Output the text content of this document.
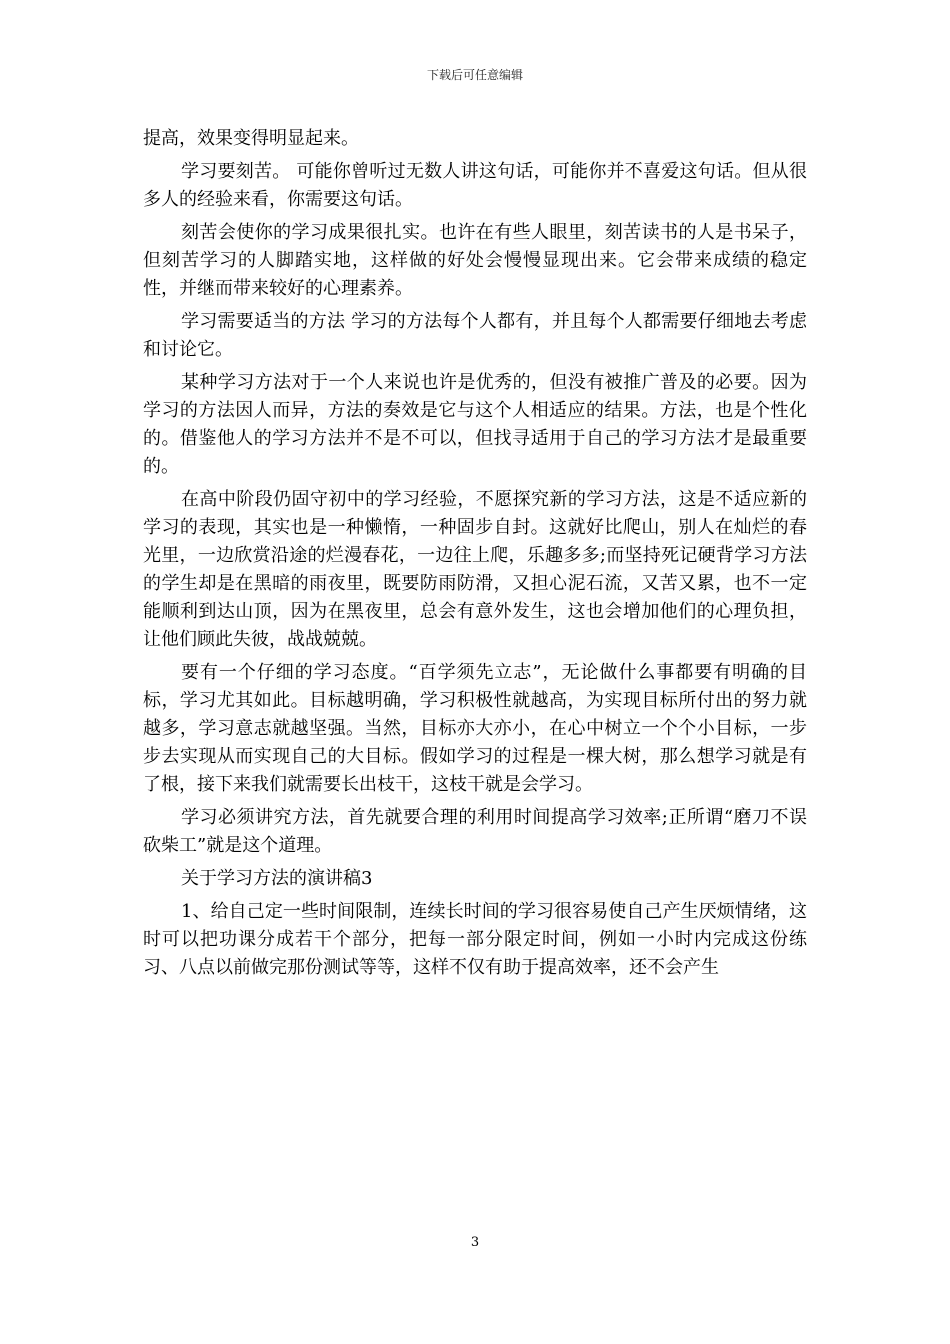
下载后可任意编辑

提高，效果变得明显起来。

学习要刻苦。 可能你曾听过无数人讲这句话，可能你并不喜爱这句话。但从很多人的经验来看，你需要这句话。

刻苦会使你的学习成果很扎实。也许在有些人眼里，刻苦读书的人是书呆子，但刻苦学习的人脚踏实地，这样做的好处会慢慢显现出来。它会带来成绩的稳定性，并继而带来较好的心理素养。

学习需要适当的方法 学习的方法每个人都有，并且每个人都需要仔细地去考虑和讨论它。

某种学习方法对于一个人来说也许是优秀的，但没有被推广普及的必要。因为学习的方法因人而异，方法的奏效是它与这个人相适应的结果。方法，也是个性化的。借鉴他人的学习方法并不是不可以，但找寻适用于自己的学习方法才是最重要的。

在高中阶段仍固守初中的学习经验，不愿探究新的学习方法，这是不适应新的学习的表现，其实也是一种懒惰，一种固步自封。这就好比爬山，别人在灿烂的春光里，一边欣赏沿途的烂漫春花，一边往上爬，乐趣多多;而坚持死记硬背学习方法的学生却是在黑暗的雨夜里，既要防雨防滑，又担心泥石流，又苦又累，也不一定能顺利到达山顶，因为在黑夜里，总会有意外发生，这也会增加他们的心理负担，让他们顾此失彼，战战兢兢。

要有一个仔细的学习态度。“百学须先立志”，无论做什么事都要有明确的目标，学习尤其如此。目标越明确，学习积极性就越高，为实现目标所付出的努力就越多，学习意志就越坚强。当然，目标亦大亦小，在心中树立一个个小目标，一步步去实现从而实现自己的大目标。假如学习的过程是一棵大树，那么想学习就是有了根，接下来我们就需要长出枝干，这枝干就是会学习。

学习必须讲究方法，首先就要合理的利用时间提高学习效率;正所谓“磨刀不误砍柴工”就是这个道理。

关于学习方法的演讲稿3

1、给自己定一些时间限制，连续长时间的学习很容易使自己产生厌烦情绪，这时可以把功课分成若干个部分，把每一部分限定时间，例如一小时内完成这份练习、八点以前做完那份测试等等，这样不仅有助于提高效率，还不会产生

3
